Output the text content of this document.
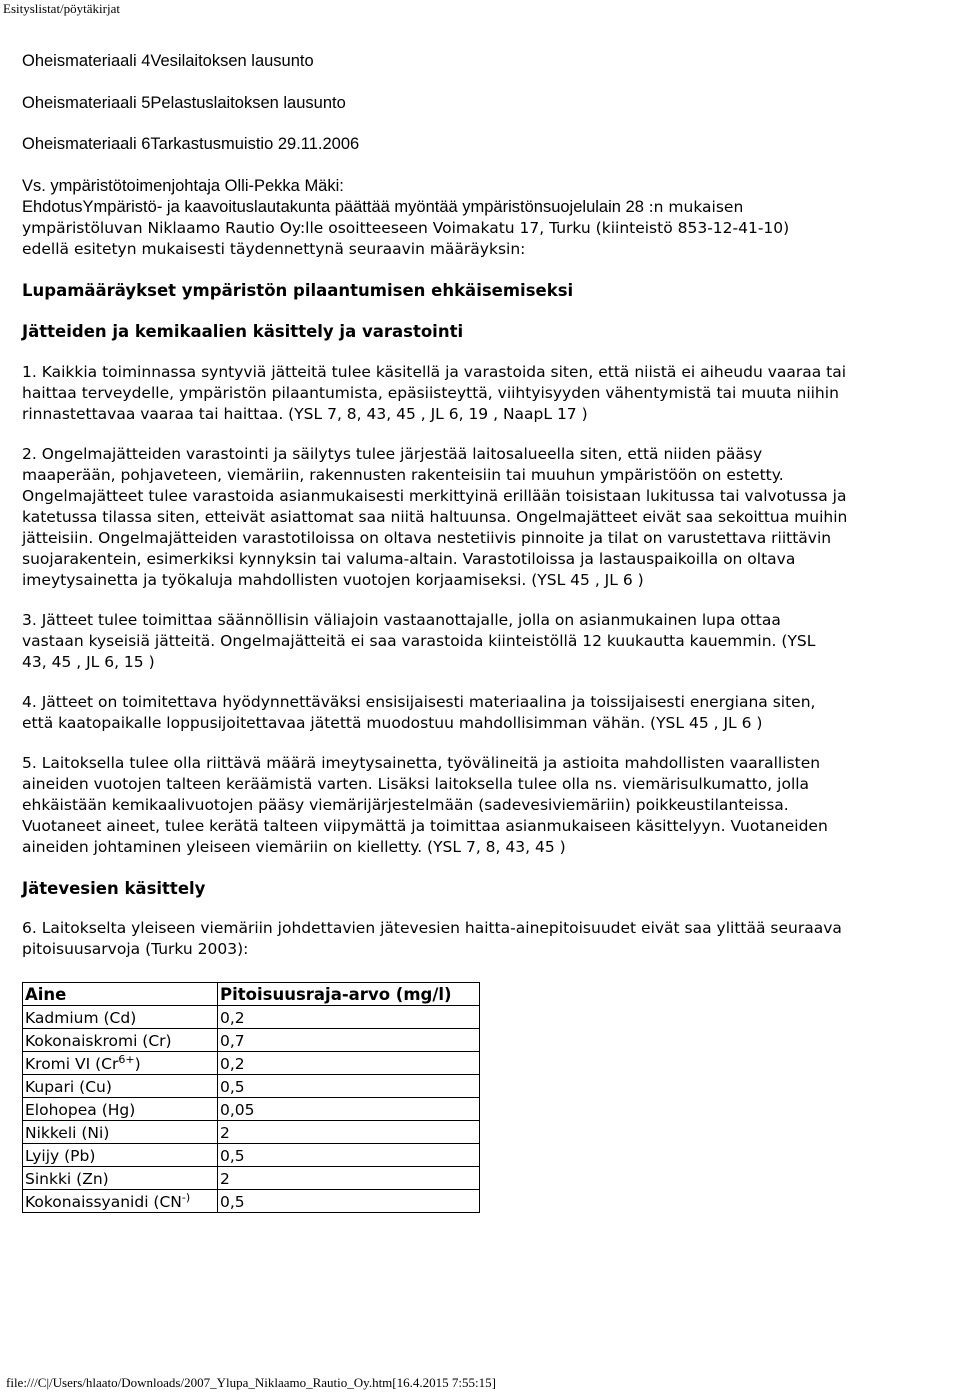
Esityslistat/pöytäkirjat
Oheismateriaali 4Vesilaitoksen lausunto
Oheismateriaali 5Pelastuslaitoksen lausunto
Oheismateriaali 6Tarkastusmuistio 29.11.2006
Vs. ympäristötoimenjohtaja Olli-Pekka Mäki:

EhdotusYmpäristö- ja kaavoituslautakunta päättää myöntää ympäristönsuojelulain 28 :n mukaisen
ympäristöluvan Niklaamo Rautio Oy:lle osoitteeseen Voimakatu 17, Turku (kiinteistö 853-12-41-10)
edellä esitetyn mukaisesti täydennettynä seuraavin määräyksin:

Lupamääräykset ympäristön pilaantumisen ehkäisemiseksi
Jätteiden ja kemikaalien käsittely ja varastointi

1. Kaikkia toiminnassa syntyviä jätteitä tulee käsitellä ja varastoida siten, että niistä ei aiheudu vaaraa tai
haittaa terveydelle, ympäristön pilaantumista, epäsiisteyttä, viihtyisyyden vähentymistä tai muuta niihin
rinnastettavaa vaaraa tai haittaa. (YSL 7, 8, 43, 45 , JL 6, 19 , NaapL 17 )

2. Ongelmajätteiden varastointi ja säilytys tulee järjestää laitosalueella siten, että niiden pääsy
maaperään, pohjaveteen, viemäriin, rakennusten rakenteisiin tai muuhun ympäristöön on estetty.
Ongelmajätteet tulee varastoida asianmukaisesti merkittyinä erillään toisistaan lukitussa tai valvotussa ja
katetussa tilassa siten, etteivät asiattomat saa niitä haltuunsa. Ongelmajätteet eivät saa sekoittua muihin
jätteisiin. Ongelmajätteiden varastotiloissa on oltava nestetiivis pinnoite ja tilat on varustettava riittävin
suojarakentein, esimerkiksi kynnyksin tai valuma-altain. Varastotiloissa ja lastauspaikoilla on oltava
imeytysainetta ja työkaluja mahdollisten vuotojen korjaamiseksi. (YSL 45 , JL 6 )

3. Jätteet tulee toimittaa säännöllisin väliajoin vastaanottajalle, jolla on asianmukainen lupa ottaa
vastaan kyseisiä jätteitä. Ongelmajätteitä ei saa varastoida kiinteistöllä 12 kuukautta kauemmin. (YSL
43, 45 , JL 6, 15 )

4. Jätteet on toimitettava hyödynnettäväksi ensisijaisesti materiaalina ja toissijaisesti energiana siten,
että kaatopaikalle loppusijoitettavaa jätettä muodostuu mahdollisimman vähän. (YSL 45 , JL 6 )

5. Laitoksella tulee olla riittävä määrä imeytysainetta, työvälineitä ja astioita mahdollisten vaarallisten
aineiden vuotojen talteen keräämistä varten. Lisäksi laitoksella tulee olla ns. viemärisulkumatto, jolla
ehkäistään kemikaalivuotojen pääsy viemärijärjestelmään (sadevesiviemäriin) poikkeustilanteissa.
Vuotaneet aineet, tulee kerätä talteen viipymättä ja toimittaa asianmukaiseen käsittelyyn. Vuotaneiden
aineiden johtaminen yleiseen viemäriin on kielletty. (YSL 7, 8, 43, 45 )

Jätevesien käsittely

6. Laitokselta yleiseen viemäriin johdettavien jätevesien haitta-ainepitoisuudet eivät saa ylittää seuraava
pitoisuusarvoja (Turku 2003):

Aine	Pitoisuusraja-arvo (mg/l)
Kadmium (Cd)	0,2
Kokonaiskromi (Cr)	0,7
Kromi VI $(Cr^{6+})$	0,2
Kupari (Cu)	0,5
Elohopea (Hg)	0,05
Nikkeli (Ni)	2
Lyijy (Pb)	0,5
Sinkki (Zn)	2
Kokonaissyanidi (CN-)	0,5
file:///C|/Users/hlaato/Downloads/2007_Ylupa_Niklaamo_Rautio_Oy.htm[16.4.2015 7:55:15]
